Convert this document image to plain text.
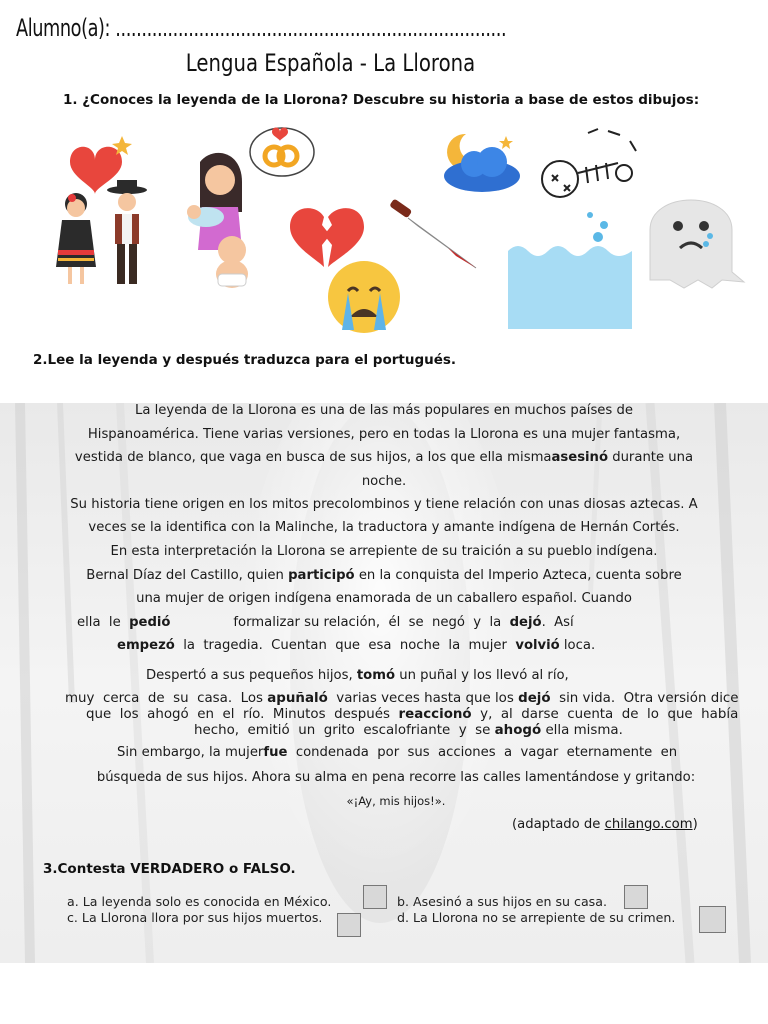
Alumno(a): ...........................................................................
Lengua Española - La Llorona
1. ¿Conoces la leyenda de la Llorona? Descubre su historia a base de estos dibujos:
2.Lee la leyenda y después traduzca para el portugués.
La leyenda de la Llorona es una de las más populares en muchos países de
Hispanoamérica. Tiene varias versiones, pero en todas la Llorona es una mujer fantasma,
vestida de blanco, que vaga en busca de sus hijos, a los que ella mismaasesinó durante una
noche.
Su historia tiene origen en los mitos precolombinos y tiene relación con unas diosas aztecas. A
veces se la identifica con la Malinche, la traductora y amante indígena de Hernán Cortés.
En esta interpretación la Llorona se arrepiente de su traición a su pueblo indígena.
Bernal Díaz del Castillo, quien participó en la conquista del Imperio Azteca, cuenta sobre
una mujer de origen indígena enamorada de un caballero español. Cuando
ella  le  pedió               formalizar su relación,  él  se  negó  y  la  dejó.  Así
empezó  la  tragedia.  Cuentan  que  esa  noche  la  mujer  volvió loca.
Despertó a sus pequeños hijos, tomó un puñal y los llevó al río,
muy  cerca  de  su  casa.  Los apuñaló  varias veces hasta que los dejó  sin vida.  Otra versión dice
que  los  ahogó  en  el  río.  Minutos  después  reaccionó  y,  al  darse  cuenta  de  lo  que  había
hecho,  emitió  un  grito  escalofriante  y  se ahogó ella misma.
Sin embargo, la mujerfue  condenada  por  sus  acciones  a  vagar  eternamente  en
búsqueda de sus hijos. Ahora su alma en pena recorre las calles lamentándose y gritando:
«¡Ay, mis hijos!».
(adaptado de chilango.com)
3.Contesta VERDADERO o FALSO.
a. La leyenda solo es conocida en México.	b. Asesinó a sus hijos en su casa.
c. La Llorona llora por sus hijos muertos.	d. La Llorona no se arrepiente de su crimen.
